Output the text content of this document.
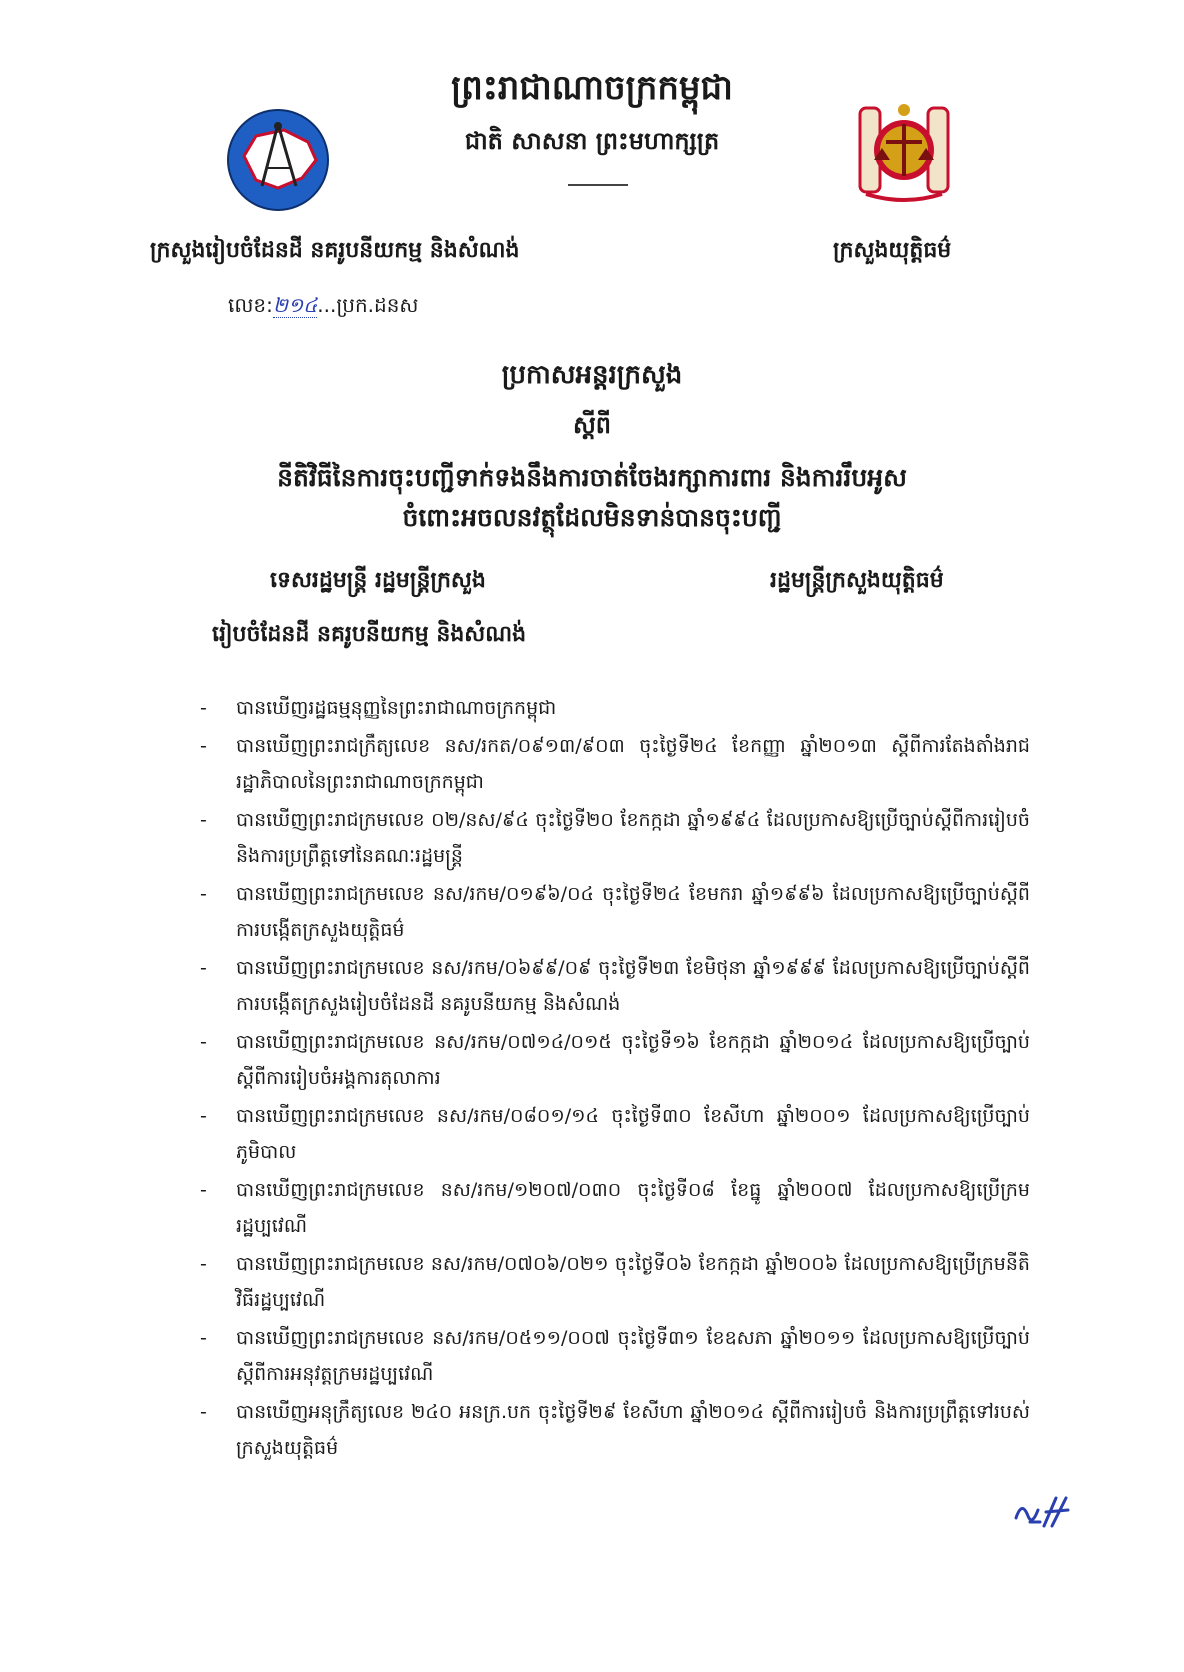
ព្រះរាជាណាចក្រកម្ពុជា
ជាតិ សាសនា ព្រះមហាក្សត្រ
ក្រសួងរៀបចំដែនដី នគរូបនីយកម្ម និងសំណង់	ក្រសួងយុត្តិធម៌
លេខ:២១៤...ប្រក.ដនស
ប្រកាសអន្តរក្រសួង
ស្តីពី
នីតិវិធីនៃការចុះបញ្ជីទាក់ទងនឹងការចាត់ចែងរក្សាការពារ និងការរឹបអូស
ចំពោះអចលនវត្ថុដែលមិនទាន់បានចុះបញ្ជី
ទេសរដ្ឋមន្ត្រី រដ្ឋមន្ត្រីក្រសួង
រៀបចំដែនដី នគរូបនីយកម្ម និងសំណង់
រដ្ឋមន្ត្រីក្រសួងយុត្តិធម៌
- បានឃើញរដ្ឋធម្មនុញ្ញនៃព្រះរាជាណាចក្រកម្ពុជា
- បានឃើញព្រះរាជក្រឹត្យលេខ នស/រកត/០៩១៣/៩០៣ ចុះថ្ងៃទី២៤ ខែកញ្ញា ឆ្នាំ២០១៣ ស្តីពីការតែងតាំងរាជរដ្ឋាភិបាលនៃព្រះរាជាណាចក្រកម្ពុជា
- បានឃើញព្រះរាជក្រមលេខ ០២/នស/៩៤ ចុះថ្ងៃទី២០ ខែកក្កដា ឆ្នាំ១៩៩៤ ដែលប្រកាសឱ្យប្រើច្បាប់ស្តីពីការរៀបចំនិងការប្រព្រឹត្តទៅនៃគណៈរដ្ឋមន្ត្រី
- បានឃើញព្រះរាជក្រមលេខ នស/រកម/០១៩៦/០៤ ចុះថ្ងៃទី២៤ ខែមករា ឆ្នាំ១៩៩៦ ដែលប្រកាសឱ្យប្រើច្បាប់ស្តីពីការបង្កើតក្រសួងយុត្តិធម៌
- បានឃើញព្រះរាជក្រមលេខ នស/រកម/០៦៩៩/០៩ ចុះថ្ងៃទី២៣ ខែមិថុនា ឆ្នាំ១៩៩៩ ដែលប្រកាសឱ្យប្រើច្បាប់ស្តីពីការបង្កើតក្រសួងរៀបចំដែនដី នគរូបនីយកម្ម និងសំណង់
- បានឃើញព្រះរាជក្រមលេខ នស/រកម/០៧១៤/០១៥ ចុះថ្ងៃទី១៦ ខែកក្កដា ឆ្នាំ២០១៤ ដែលប្រកាសឱ្យប្រើច្បាប់ស្តីពីការរៀបចំអង្គការតុលាការ
- បានឃើញព្រះរាជក្រមលេខ នស/រកម/០៨០១/១៤ ចុះថ្ងៃទី៣០ ខែសីហា ឆ្នាំ២០០១ ដែលប្រកាសឱ្យប្រើច្បាប់ភូមិបាល
- បានឃើញព្រះរាជក្រមលេខ នស/រកម/១២០៧/០៣០ ចុះថ្ងៃទី០៨ ខែធ្នូ ឆ្នាំ២០០៧ ដែលប្រកាសឱ្យប្រើក្រមរដ្ឋប្បវេណី
- បានឃើញព្រះរាជក្រមលេខ នស/រកម/០៧០៦/០២១ ចុះថ្ងៃទី០៦ ខែកក្កដា ឆ្នាំ២០០៦ ដែលប្រកាសឱ្យប្រើក្រមនីតិវិធីរដ្ឋប្បវេណី
- បានឃើញព្រះរាជក្រមលេខ នស/រកម/០៥១១/០០៧ ចុះថ្ងៃទី៣១ ខែឧសភា ឆ្នាំ២០១១ ដែលប្រកាសឱ្យប្រើច្បាប់ស្តីពីការអនុវត្តក្រមរដ្ឋប្បវេណី
- បានឃើញអនុក្រឹត្យលេខ ២៤០ អនក្រ.បក ចុះថ្ងៃទី២៩ ខែសីហា ឆ្នាំ២០១៤ ស្តីពីការរៀបចំ និងការប្រព្រឹត្តទៅរបស់ក្រសួងយុត្តិធម៌
